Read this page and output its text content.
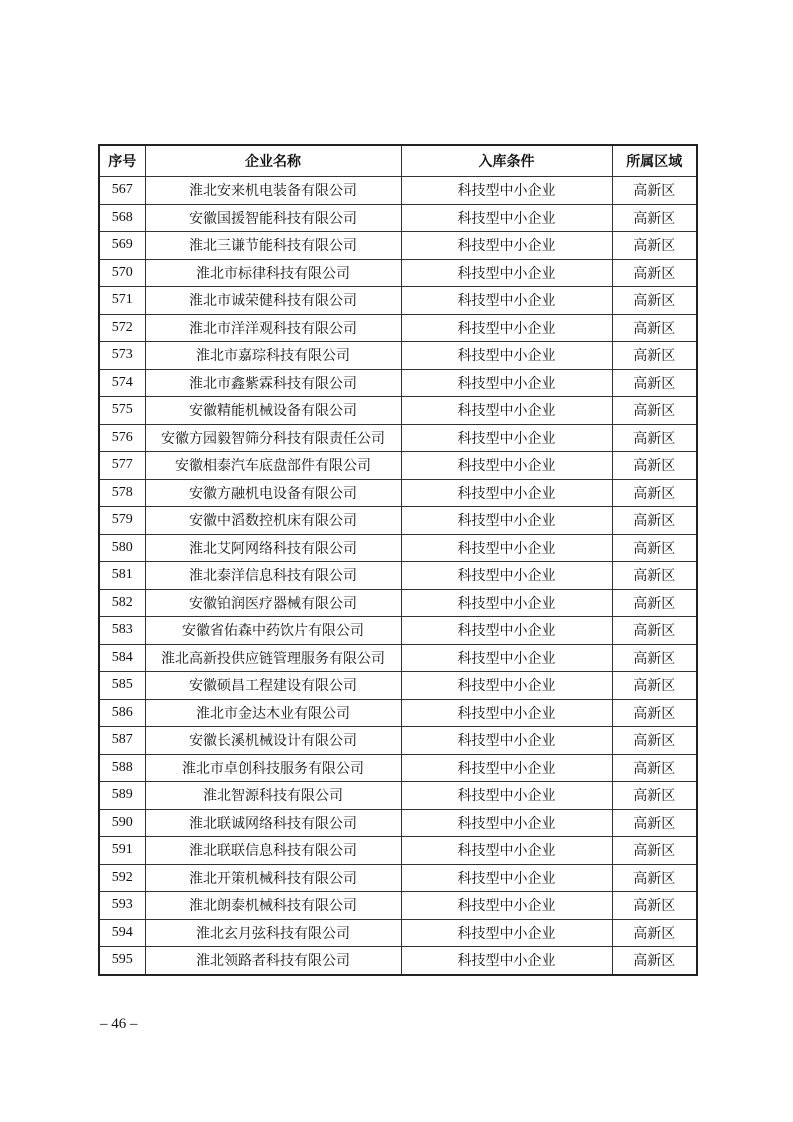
序号	企业名称	入库条件	所属区域
567	淮北安来机电装备有限公司	科技型中小企业	高新区
568	安徽国援智能科技有限公司	科技型中小企业	高新区
569	淮北三谦节能科技有限公司	科技型中小企业	高新区
570	淮北市标律科技有限公司	科技型中小企业	高新区
571	淮北市诚荣健科技有限公司	科技型中小企业	高新区
572	淮北市洋洋观科技有限公司	科技型中小企业	高新区
573	淮北市嘉琮科技有限公司	科技型中小企业	高新区
574	淮北市鑫紫霖科技有限公司	科技型中小企业	高新区
575	安徽精能机械设备有限公司	科技型中小企业	高新区
576	安徽方园毅智筛分科技有限责任公司	科技型中小企业	高新区
577	安徽相泰汽车底盘部件有限公司	科技型中小企业	高新区
578	安徽方融机电设备有限公司	科技型中小企业	高新区
579	安徽中滔数控机床有限公司	科技型中小企业	高新区
580	淮北艾阿网络科技有限公司	科技型中小企业	高新区
581	淮北泰洋信息科技有限公司	科技型中小企业	高新区
582	安徽铂润医疗器械有限公司	科技型中小企业	高新区
583	安徽省佑森中药饮片有限公司	科技型中小企业	高新区
584	淮北高新投供应链管理服务有限公司	科技型中小企业	高新区
585	安徽硕昌工程建设有限公司	科技型中小企业	高新区
586	淮北市金达木业有限公司	科技型中小企业	高新区
587	安徽长溪机械设计有限公司	科技型中小企业	高新区
588	淮北市卓创科技服务有限公司	科技型中小企业	高新区
589	淮北智源科技有限公司	科技型中小企业	高新区
590	淮北联诚网络科技有限公司	科技型中小企业	高新区
591	淮北联联信息科技有限公司	科技型中小企业	高新区
592	淮北开策机械科技有限公司	科技型中小企业	高新区
593	淮北朗泰机械科技有限公司	科技型中小企业	高新区
594	淮北玄月弦科技有限公司	科技型中小企业	高新区
595	淮北领路者科技有限公司	科技型中小企业	高新区
– 46 –
